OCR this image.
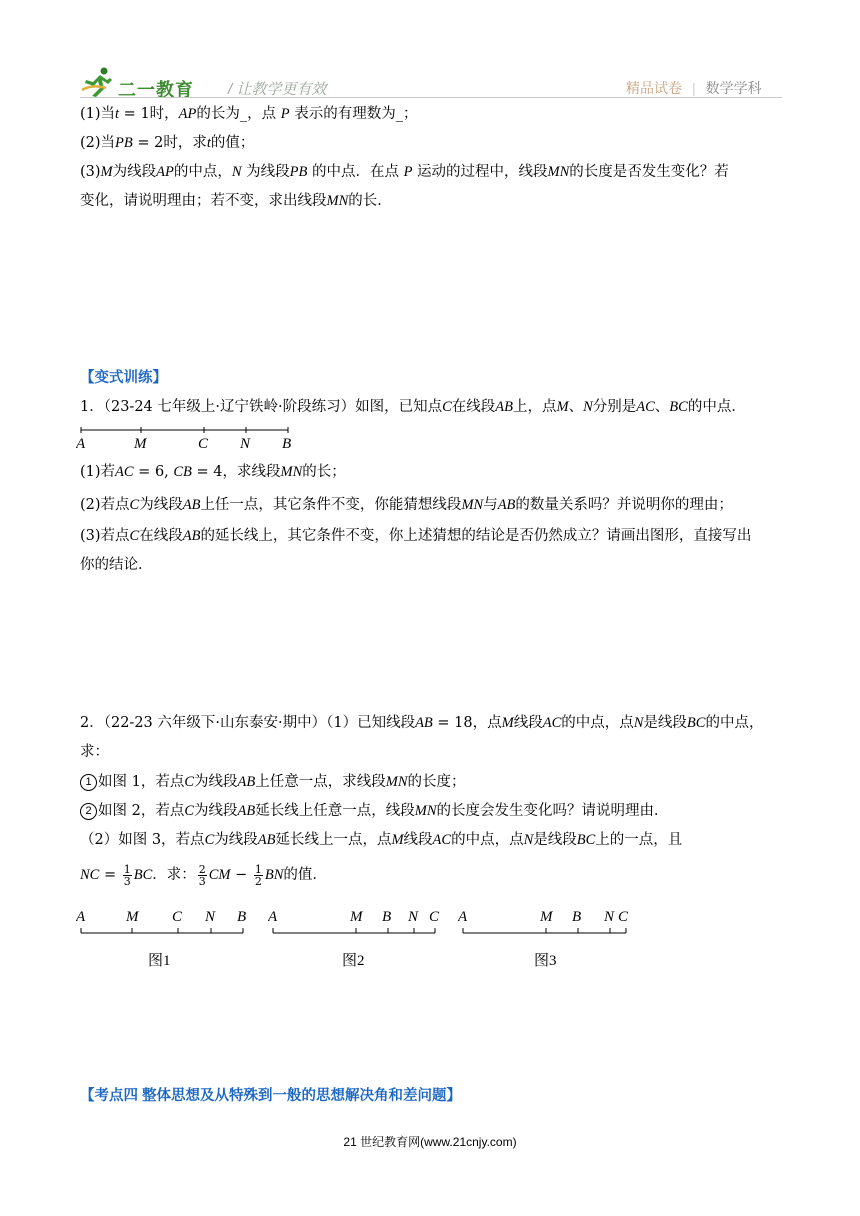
二一教育 / 让教学更有效	精品试卷 | 数学学科
(1)当t = 1时，AP的长为_，点 P 表示的有理数为_；
(2)当PB = 2时，求t的值；
(3)M为线段AP的中点，N 为线段PB 的中点．在点 P 运动的过程中，线段MN的长度是否发生变化？若
变化，请说明理由；若不变，求出线段MN的长．
【变式训练】
1．（23-24 七年级上·辽宁铁岭·阶段练习）如图，已知点C在线段AB上，点M、N分别是AC、BC的中点．
A	M	C N B
(1)若AC = 6, CB = 4，求线段MN的长；
(2)若点C为线段AB上任一点，其它条件不变，你能猜想线段MN与AB的数量关系吗？并说明你的理由；
(3)若点C在线段AB的延长线上，其它条件不变，你上述猜想的结论是否仍然成立？请画出图形，直接写出
你的结论．
2．（22-23 六年级下·山东泰安·期中）（1）已知线段AB = 18，点M线段AC的中点，点N是线段BC的中点，
求：
1 如图 1，若点C为线段AB上任意一点，求线段MN的长度；
2 如图 2，若点C为线段AB延长线上任意一点，线段MN的长度会发生变化吗？请说明理由．
（2）如图 3，若点C为线段AB延长线上一点，点M线段AC的中点，点N是线段BC上的一点，且
NC = $\frac{1}{3}$ BC．求： $\frac{2}{3}$ CM − $\frac{1}{2}$ BN的值．
A	M C N B
图1
A	M B N C
图2
A	M B N C
图3
【考点四 整体思想及从特殊到一般的思想解决角和差问题】
21 世纪教育网(www.21cnjy.com)
